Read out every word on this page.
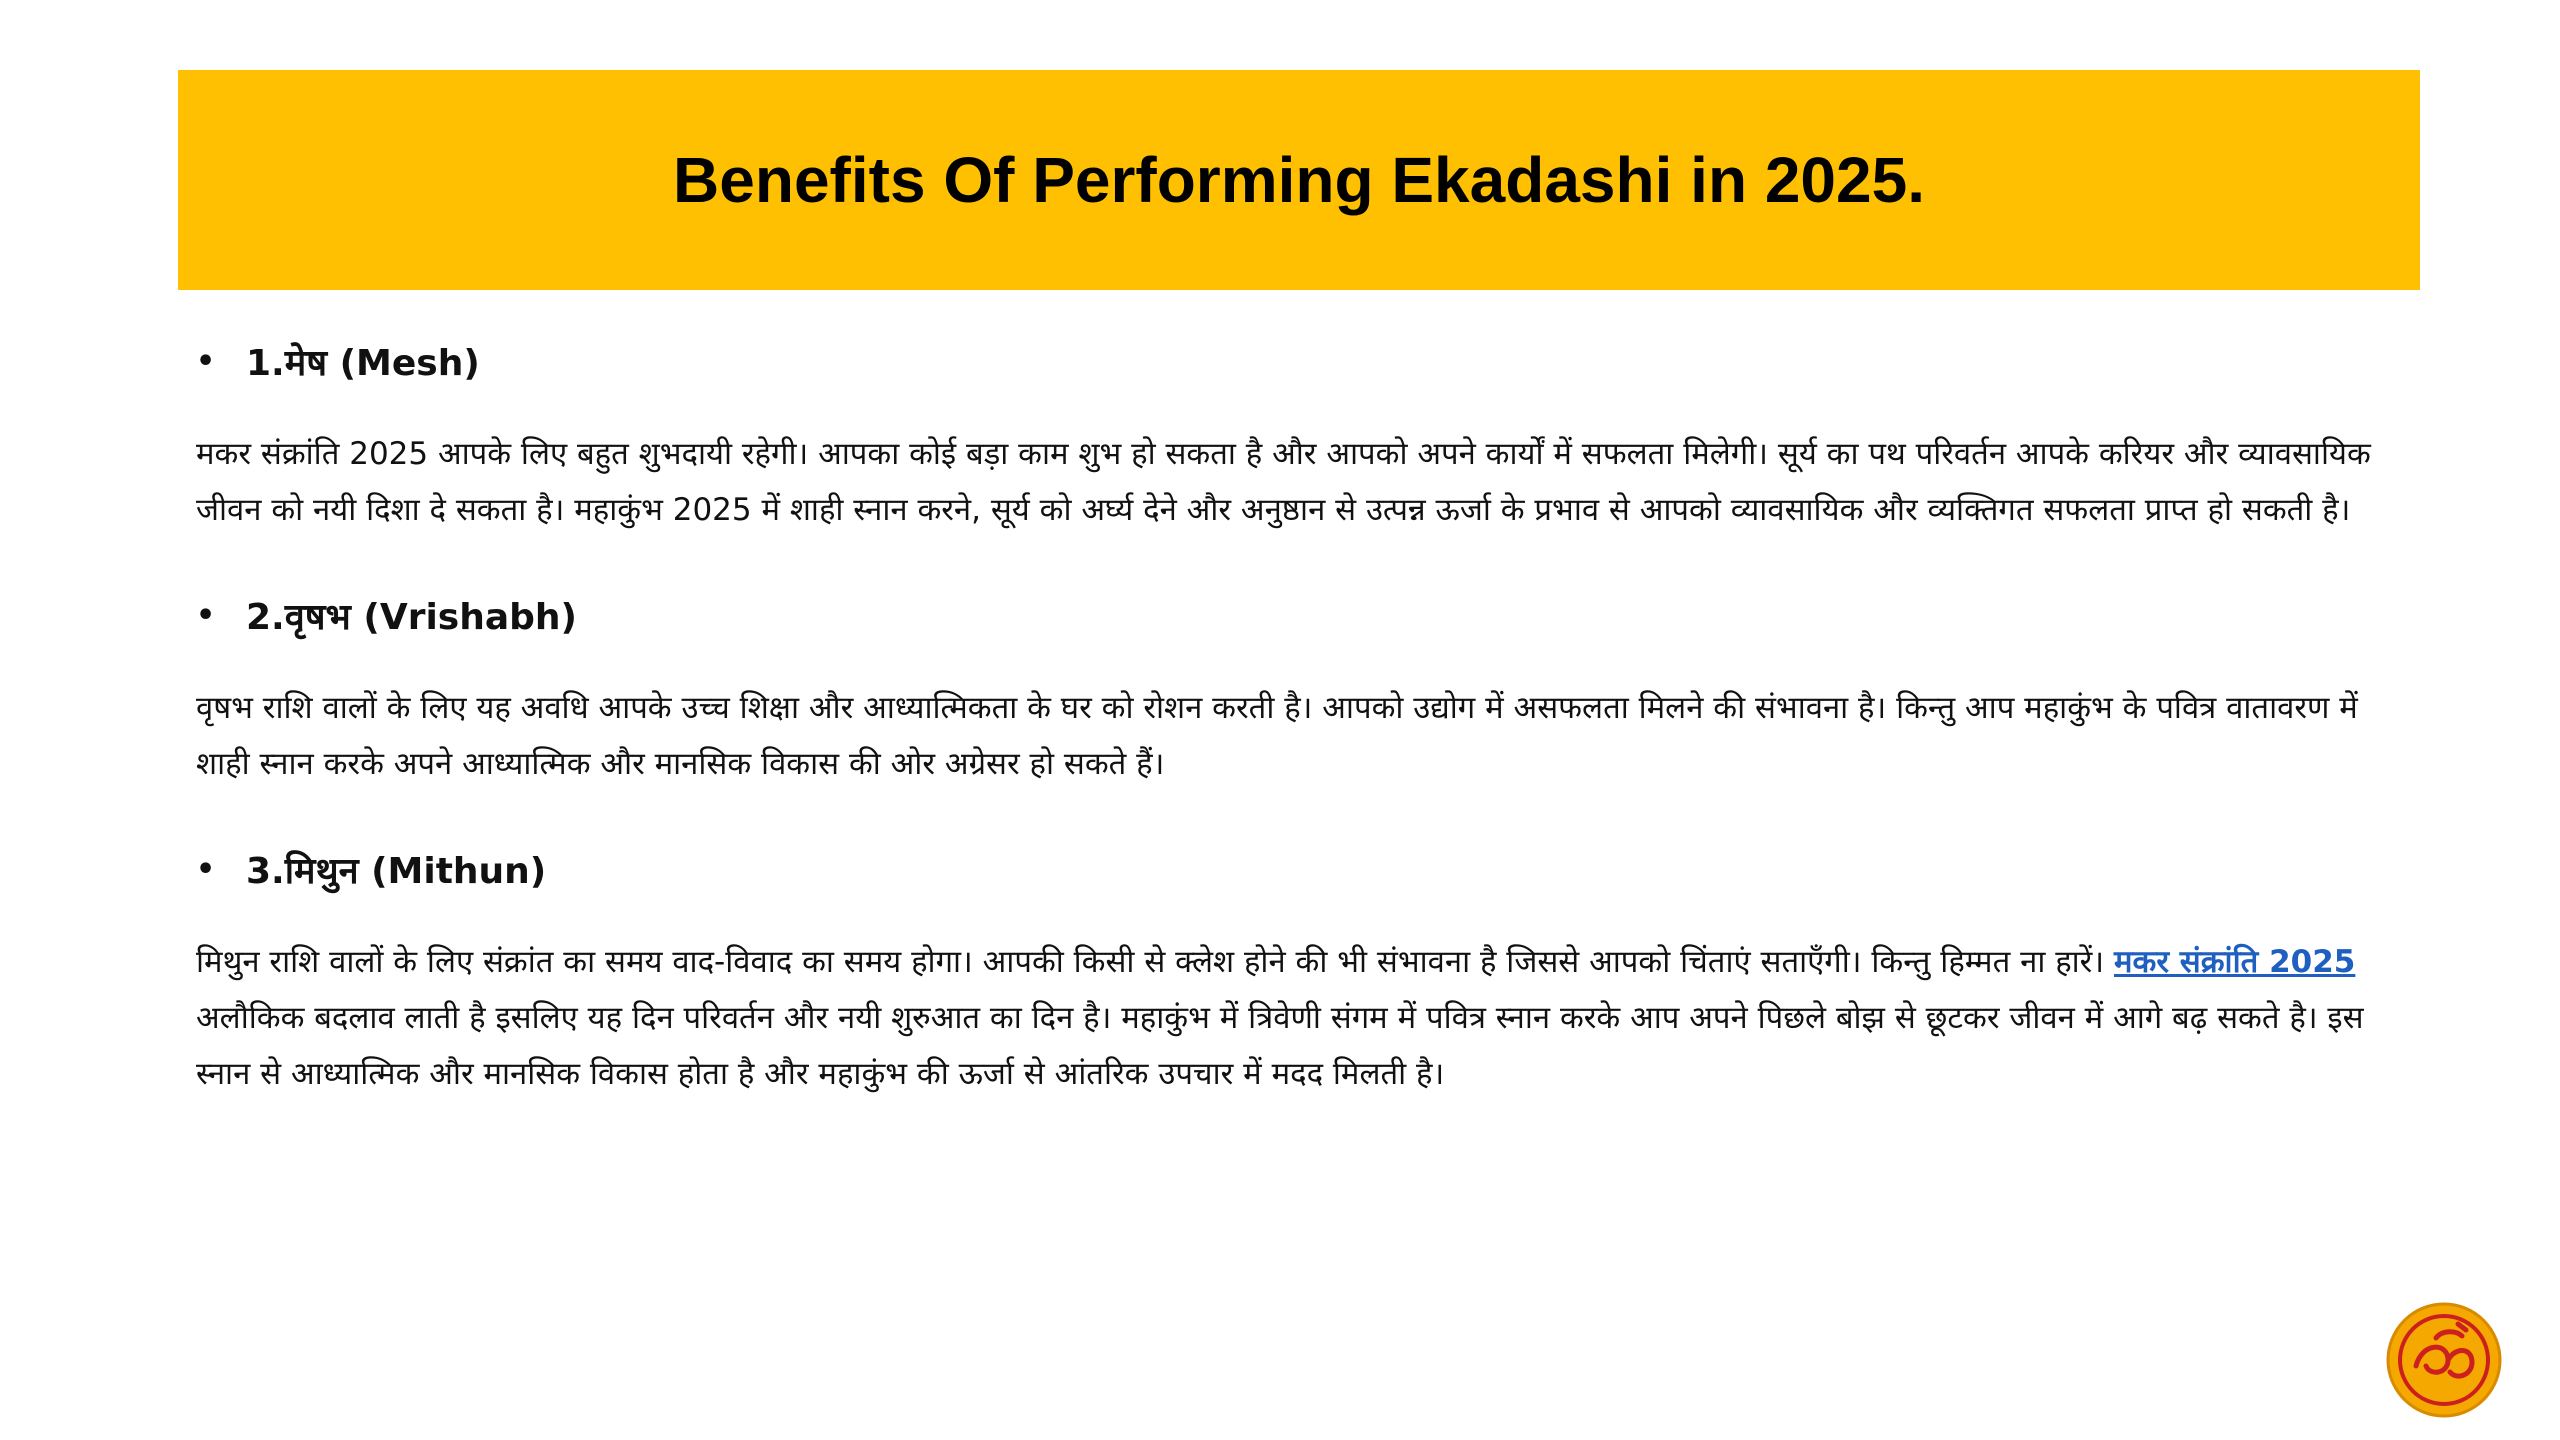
Benefits Of Performing Ekadashi in 2025.
• 1.मेष (Mesh)

मकर संक्रांति 2025 आपके लिए बहुत शुभदायी रहेगी। आपका कोई बड़ा काम शुभ हो सकता है और आपको अपने कार्यों में सफलता मिलेगी। सूर्य का पथ परिवर्तन आपके करियर और व्यावसायिक जीवन को नयी दिशा दे सकता है। महाकुंभ 2025 में शाही स्नान करने, सूर्य को अर्घ्य देने और अनुष्ठान से उत्पन्न ऊर्जा के प्रभाव से आपको व्यावसायिक और व्यक्तिगत सफलता प्राप्त हो सकती है।

• 2.वृषभ (Vrishabh)

वृषभ राशि वालों के लिए यह अवधि आपके उच्च शिक्षा और आध्यात्मिकता के घर को रोशन करती है। आपको उद्योग में असफलता मिलने की संभावना है। किन्तु आप महाकुंभ के पवित्र वातावरण में शाही स्नान करके अपने आध्यात्मिक और मानसिक विकास की ओर अग्रेसर हो सकते हैं।

• 3.मिथुन (Mithun)

मिथुन राशि वालों के लिए संक्रांत का समय वाद-विवाद का समय होगा। आपकी किसी से क्लेश होने की भी संभावना है जिससे आपको चिंताएं सताएँगी। किन्तु हिम्मत ना हारें। मकर संक्रांति 2025 अलौकिक बदलाव लाती है इसलिए यह दिन परिवर्तन और नयी शुरुआत का दिन है। महाकुंभ में त्रिवेणी संगम में पवित्र स्नान करके आप अपने पिछले बोझ से छूटकर जीवन में आगे बढ़ सकते है। इस स्नान से आध्यात्मिक और मानसिक विकास होता है और महाकुंभ की ऊर्जा से आंतरिक उपचार में मदद मिलती है।
